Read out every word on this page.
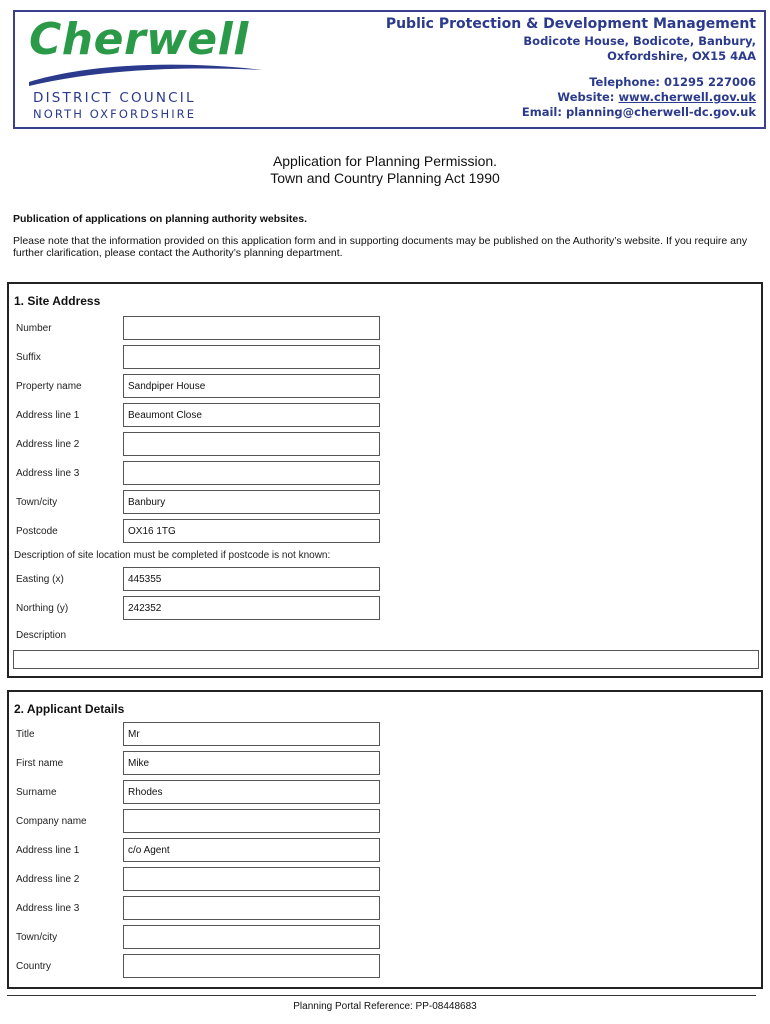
Cherwell
DISTRICT COUNCIL
NORTH OXFORDSHIRE
Public Protection & Development Management
Bodicote House, Bodicote, Banbury,
Oxfordshire, OX15 4AA
Telephone: 01295 227006
Website: www.cherwell.gov.uk
Email: planning@cherwell-dc.gov.uk
Application for Planning Permission.
Town and Country Planning Act 1990
Publication of applications on planning authority websites.
Please note that the information provided on this application form and in supporting documents may be published on the Authority’s website. If you require any further clarification, please contact the Authority’s planning department.
1. Site Address
Number
Suffix
Property name	Sandpiper House
Address line 1	Beaumont Close
Address line 2
Address line 3
Town/city	Banbury
Postcode	OX16 1TG
Description of site location must be completed if postcode is not known:
Easting (x)	445355
Northing (y)	242352
Description
2. Applicant Details
Title	Mr
First name	Mike
Surname	Rhodes
Company name
Address line 1	c/o Agent
Address line 2
Address line 3
Town/city
Country
Planning Portal Reference: PP-08448683
